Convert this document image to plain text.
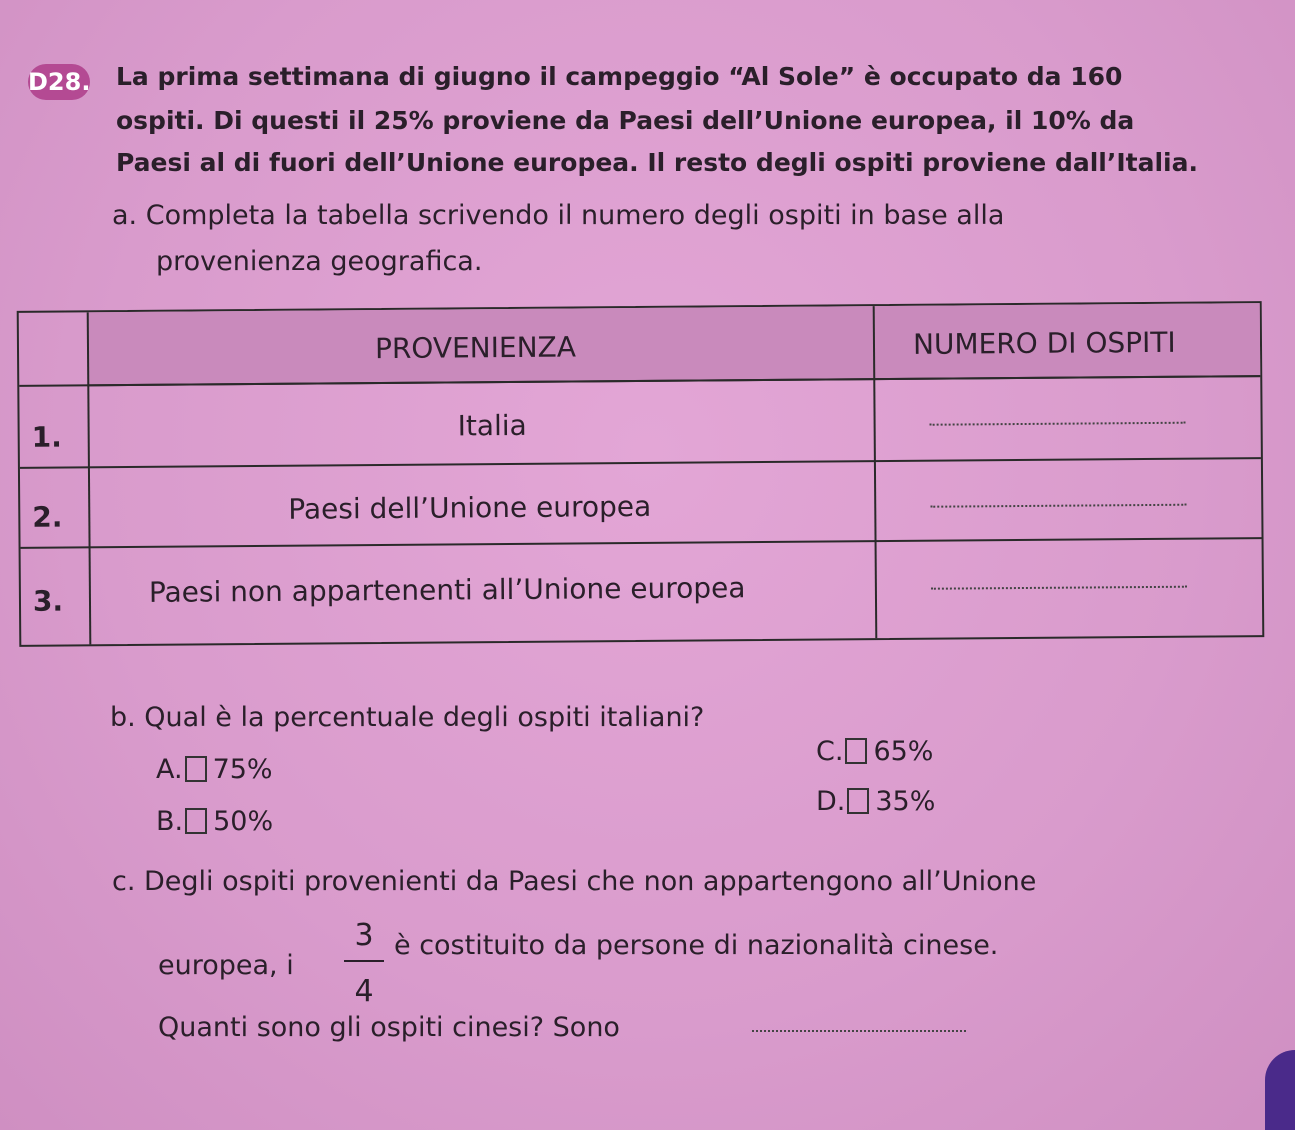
D28. La prima settimana di giugno il campeggio “Al Sole” è occupato da 160
ospiti. Di questi il 25% proviene da Paesi dell’Unione europea, il 10% da
Paesi al di fuori dell’Unione europea. Il resto degli ospiti proviene dall’Italia.
a. Completa la tabella scrivendo il numero degli ospiti in base alla
provenienza geografica.
PROVENIENZA	NUMERO DI OSPITI
1.	Italia
2.	Paesi dell’Unione europea
3.	Paesi non appartenenti all’Unione europea
b. Qual è la percentuale degli ospiti italiani?
A. 75%
B. 50%
C. 65%
D. 35%
c. Degli ospiti provenienti da Paesi che non appartengono all’Unione
europea, i
3
4
è costituito da persone di nazionalità cinese.
Quanti sono gli ospiti cinesi? Sono
